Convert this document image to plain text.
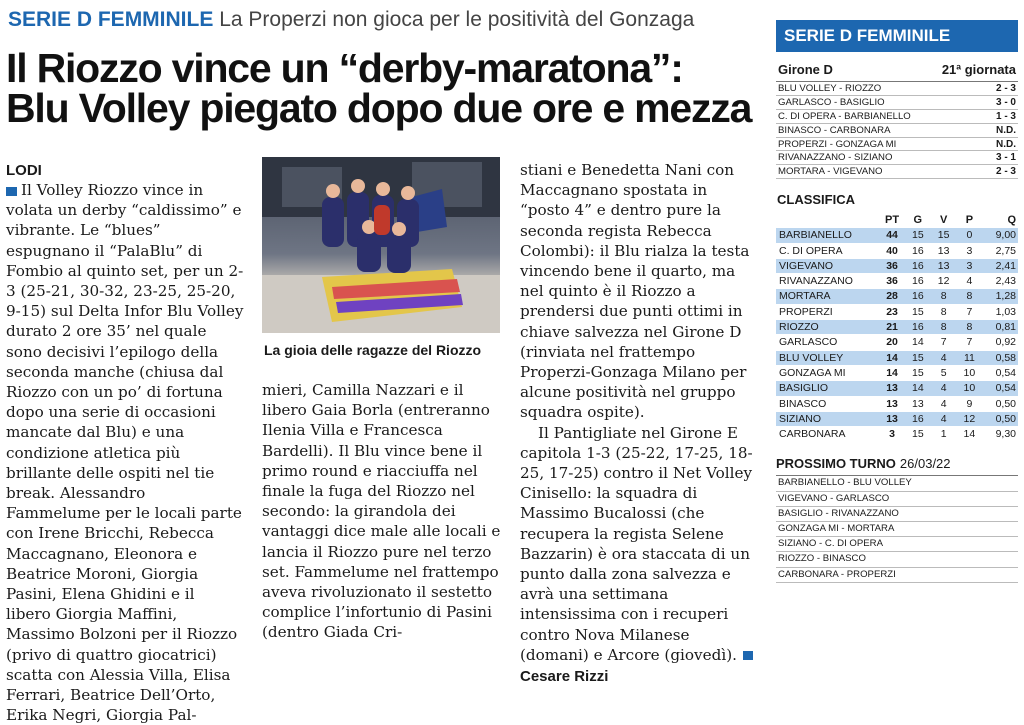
SERIE D FEMMINILE La Properzi non gioca per le positività del Gonzaga
Il Riozzo vince un “derby-maratona”:
Blu Volley piegato dopo due ore e mezza
LODI
Il Volley Riozzo vince in volata un derby “caldissimo” e vibrante. Le “blues” espugnano il “PalaBlu” di Fombio al quinto set, per un 2-3 (25-21, 30-32, 23-25, 25-20, 9-15) sul Delta Infor Blu Volley durato 2 ore 35’ nel quale sono decisivi l’epilogo della seconda manche (chiusa dal Riozzo con un po’ di fortuna dopo una serie di occasioni mancate dal Blu) e una condizione atletica più brillante delle ospiti nel tie break. Alessandro Fammelume per le locali parte con Irene Bricchi, Rebecca Maccagnano, Eleonora e Beatrice Moroni, Giorgia Pasini, Elena Ghidini e il libero Giorgia Maffini, Massimo Bolzoni per il Riozzo (privo di quattro giocatrici) scatta con Alessia Villa, Elisa Ferrari, Beatrice Dell’Orto, Erika Negri, Giorgia Pal-
La gioia delle ragazze del Riozzo
mieri, Camilla Nazzari e il libero Gaia Borla (entreranno Ilenia Villa e Francesca Bardelli). Il Blu vince bene il primo round e riacciuffa nel finale la fuga del Riozzo nel secondo: la girandola dei vantaggi dice male alle locali e lancia il Riozzo pure nel terzo set. Fammelume nel frattempo aveva rivoluzionato il sestetto complice l’infortunio di Pasini (dentro Giada Cri-
stiani e Benedetta Nani con Maccagnano spostata in “posto 4” e dentro pure la seconda regista Rebecca Colombi): il Blu rialza la testa vincendo bene il quarto, ma nel quinto è il Riozzo a prendersi due punti ottimi in chiave salvezza nel Girone D (rinviata nel frattempo Properzi-Gonzaga Milano per alcune positività nel gruppo squadra ospite).
Il Pantigliate nel Girone E capitola 1-3 (25-22, 17-25, 18-25, 17-25) contro il Net Volley Cinisello: la squadra di Massimo Bucalossi (che recupera la regista Selene Bazzarin) è ora staccata di un punto dalla zona salvezza e avrà una settimana intensissima con i recuperi contro Nova Milanese (domani) e Arcore (giovedì).
Cesare Rizzi
SERIE D FEMMINILE
Girone D	21ª giornata
BLU VOLLEY - RIOZZO	2 - 3
GARLASCO - BASIGLIO	3 - 0
C. DI OPERA - BARBIANELLO	1 - 3
BINASCO - CARBONARA	N.D.
PROPERZI - GONZAGA MI	N.D.
RIVANAZZANO - SIZIANO	3 - 1
MORTARA - VIGEVANO	2 - 3
CLASSIFICA
PT	G	V	P	Q
BARBIANELLO	44	15	15	0	9,00
C. DI OPERA	40	16	13	3	2,75
VIGEVANO	36	16	13	3	2,41
RIVANAZZANO	36	16	12	4	2,43
MORTARA	28	16	8	8	1,28
PROPERZI	23	15	8	7	1,03
RIOZZO	21	16	8	8	0,81
GARLASCO	20	14	7	7	0,92
BLU VOLLEY	14	15	4	11	0,58
GONZAGA MI	14	15	5	10	0,54
BASIGLIO	13	14	4	10	0,54
BINASCO	13	13	4	9	0,50
SIZIANO	13	16	4	12	0,50
CARBONARA	3	15	1	14	9,30
PROSSIMO TURNO 26/03/22
BARBIANELLO - BLU VOLLEY
VIGEVANO - GARLASCO
BASIGLIO - RIVANAZZANO
GONZAGA MI - MORTARA
SIZIANO - C. DI OPERA
RIOZZO - BINASCO
CARBONARA - PROPERZI
